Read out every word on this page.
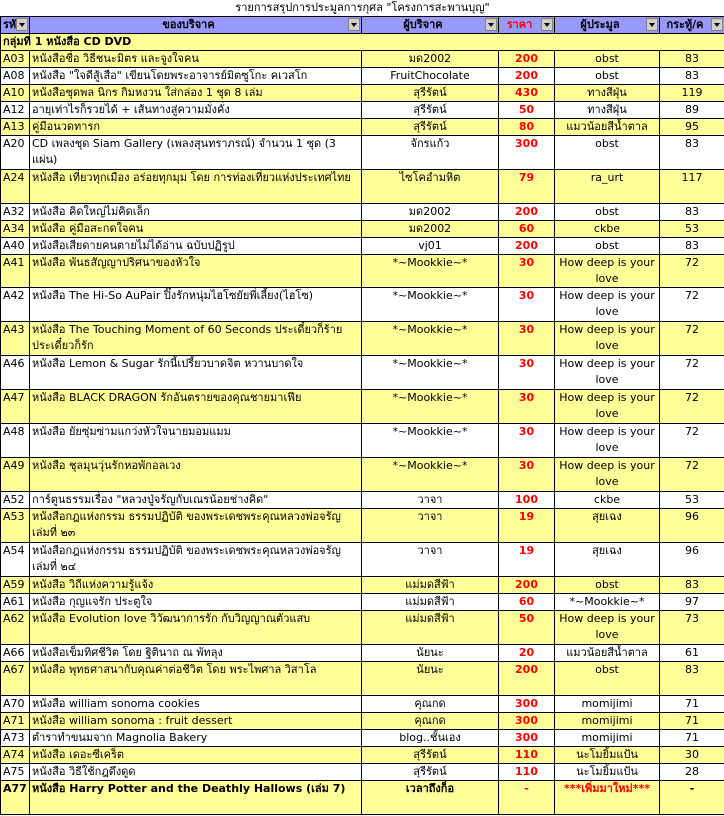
รายการสรุปการประมูลการกุศล "โครงการสะพานบุญ"					
รหั	ของบริจาค	ผู้บริจาค	ราคา	ผู้ประมูล	กระทู้/ค

กลุ่มที่ 1 หนังสือ CD DVD					
A03	หนังสือชื่อ วิธีชนะมิตร และจูงใจคน	มด2002	200	obst	83
A08	หนังสือ "ใจดีสู้เสือ" เขียนโดยพระอาจารย์มิตซูโกะ คเวสโก	FruitChocolate	200	obst	83
A10	หนังสือชุดพล นิกร กิมหงวน ใส่กล่อง 1 ชุด 8 เล่ม	สุรีรัตน์	430	ทางสีฝุ่น	119
A12	อายุเท่าไรก็รวยได้ + เส้นทางสู่ความมั่งคั่ง	สุรีรัตน์	50	ทางสีฝุ่น	89
A13	คู่มือนวดทารก	สุรีรัตน์	80	แมวน้อยสีน้ำตาล	95
A20	CD เพลงชุด Siam Gallery (เพลงสุนทราภรณ์) จำนวน 1 ชุด (3 แผ่น)	จักรแก้ว	300	obst	83
A24	หนังสือ เที่ยวทุกเมือง อร่อยทุกมุม โดย การท่องเที่ยวแห่งประเทศไทย	ไซโคอำมหิต	79	ra_urt	117
A32	หนังสือ คิดใหญ่ไม่คิดเล็ก	มด2002	200	obst	83
A34	หนังสือ คู่มือสะกดใจคน	มด2002	60	ckbe	53
A40	หนังสือเสียดายคนตายไม่ได้อ่าน ฉบับปฏิรูป	vj01	200	obst	83
A41	หนังสือ พันธสัญญาปริศนาของหัวใจ	*~Mookkie~*	30	How deep is your love	72
A42	หนังสือ The Hi-So AuPair ปิ๊งรักหนุ่มไฮโซยัยพี่เลี้ยง(ไฮโซ)	*~Mookkie~*	30	How deep is your love	72
A43	หนังสือ The Touching Moment of 60 Seconds ประเดี๋ยวก็ร้าย ประเดี๋ยวก็รัก	*~Mookkie~*	30	How deep is your love	72
A46	หนังสือ Lemon & Sugar รักนี้เปรี้ยวบาดจิต หวานบาดใจ	*~Mookkie~*	30	How deep is your love	72
A47	หนังสือ BLACK DRAGON รักอันตรายของคุณชายมาเฟีย	*~Mookkie~*	30	How deep is your love	72
A48	หนังสือ ยัยซุ่มซ่ามแกว่งหัวใจนายมอมแมม	*~Mookkie~*	30	How deep is your love	72
A49	หนังสือ ชุลมุนวุ่นรักหอพักอลเวง	*~Mookkie~*	30	How deep is your love	72
A52	การ์ตูนธรรมเรื่อง "หลวงปู่จรัญกับเณรน้อยช่างคิด"	วาจา	100	ckbe	53
A53	หนังสือกฎแห่งกรรม ธรรมปฏิบัติ ของพระเดชพระคุณหลวงพ่อจรัญ เล่มที่ ๒๓	วาจา	19	สุยเฉง	96
A54	หนังสือกฎแห่งกรรม ธรรมปฏิบัติ ของพระเดชพระคุณหลวงพ่อจรัญ เล่มที่ ๒๔	วาจา	19	สุยเฉง	96
A59	หนังสือ วิถีแห่งความรู้แจ้ง	แม่มดสีฟ้า	200	obst	83
A61	หนังสือ กุญแจรัก ประตูใจ	แม่มดสีฟ้า	60	*~Mookkie~*	97
A62	หนังสือ Evolution love วิวัฒนาการรัก กับวิญญาณตัวแสบ	แม่มดสีฟ้า	50	How deep is your love	73
A66	หนังสือเข็มทิศชีวิต โดย ฐิตินาถ ณ พัทลุง	นัยนะ	20	แมวน้อยสีน้ำตาล	61
A67	หนังสือ พุทธศาสนากับคุณค่าต่อชีวิต โดย พระไพศาล วิสาโล	นัยนะ	200	obst	83
A70	หนังสือ william sonoma cookies	คุณกด	300	momijimi	71
A71	หนังสือ william sonoma : fruit dessert	คุณกด	300	momijimi	71
A73	ตำราทำขนมจาก Magnolia Bakery	blog..ชั้นเอง	300	momijimi	71
A74	หนังสือ เดอะซีเคร็ต	สุรีรัตน์	110	นะโมยิ้มแป้น	30
A75	หนังสือ วิธีใช้กฎดึงดูด	สุรีรัตน์	110	นะโมยิ้มแป้น	28
A77	หนังสือ Harry Potter and the Deathly Hallows (เล่ม 7)	เวลาถึงก็อ	-	***เพิ่มมาใหม่***	-
